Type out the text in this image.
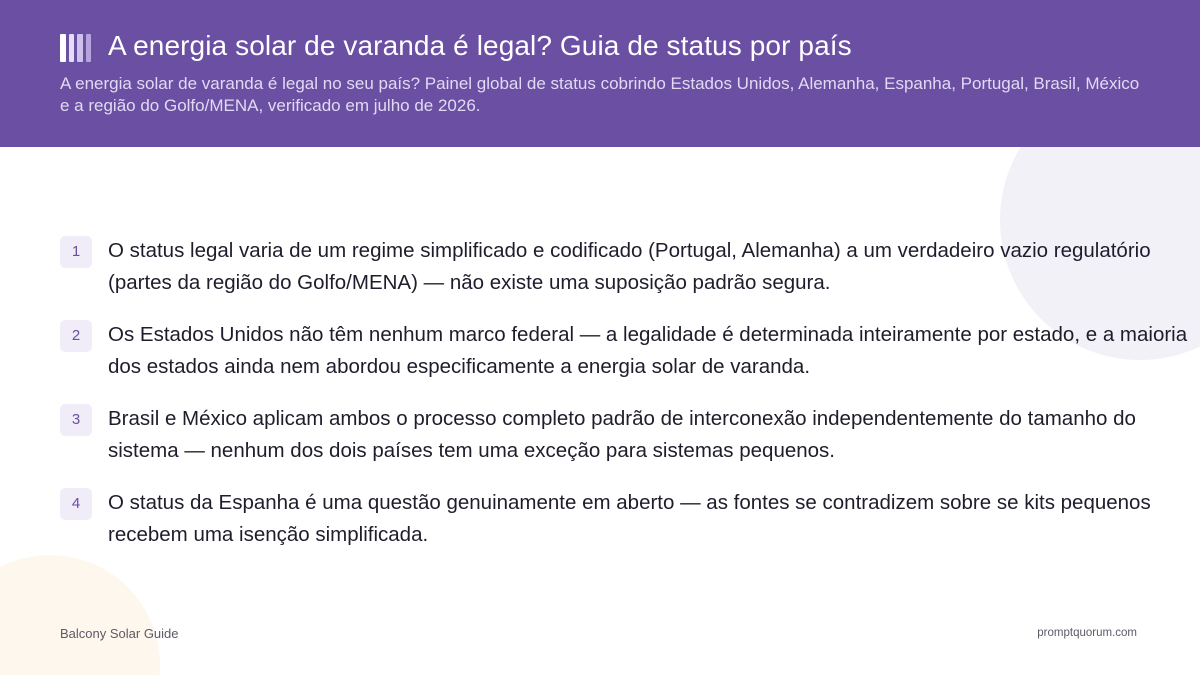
A energia solar de varanda é legal? Guia de status por país

A energia solar de varanda é legal no seu país? Painel global de status cobrindo Estados Unidos, Alemanha, Espanha, Portugal, Brasil, México e a região do Golfo/MENA, verificado em julho de 2026.

1	O status legal varia de um regime simplificado e codificado (Portugal, Alemanha) a um verdadeiro vazio regulatório (partes da região do Golfo/MENA) — não existe uma suposição padrão segura.

2	Os Estados Unidos não têm nenhum marco federal — a legalidade é determinada inteiramente por estado, e a maioria dos estados ainda nem abordou especificamente a energia solar de varanda.

3	Brasil e México aplicam ambos o processo completo padrão de interconexão independentemente do tamanho do sistema — nenhum dos dois países tem uma exceção para sistemas pequenos.

4	O status da Espanha é uma questão genuinamente em aberto — as fontes se contradizem sobre se kits pequenos recebem uma isenção simplificada.

Balcony Solar Guide	promptquorum.com
